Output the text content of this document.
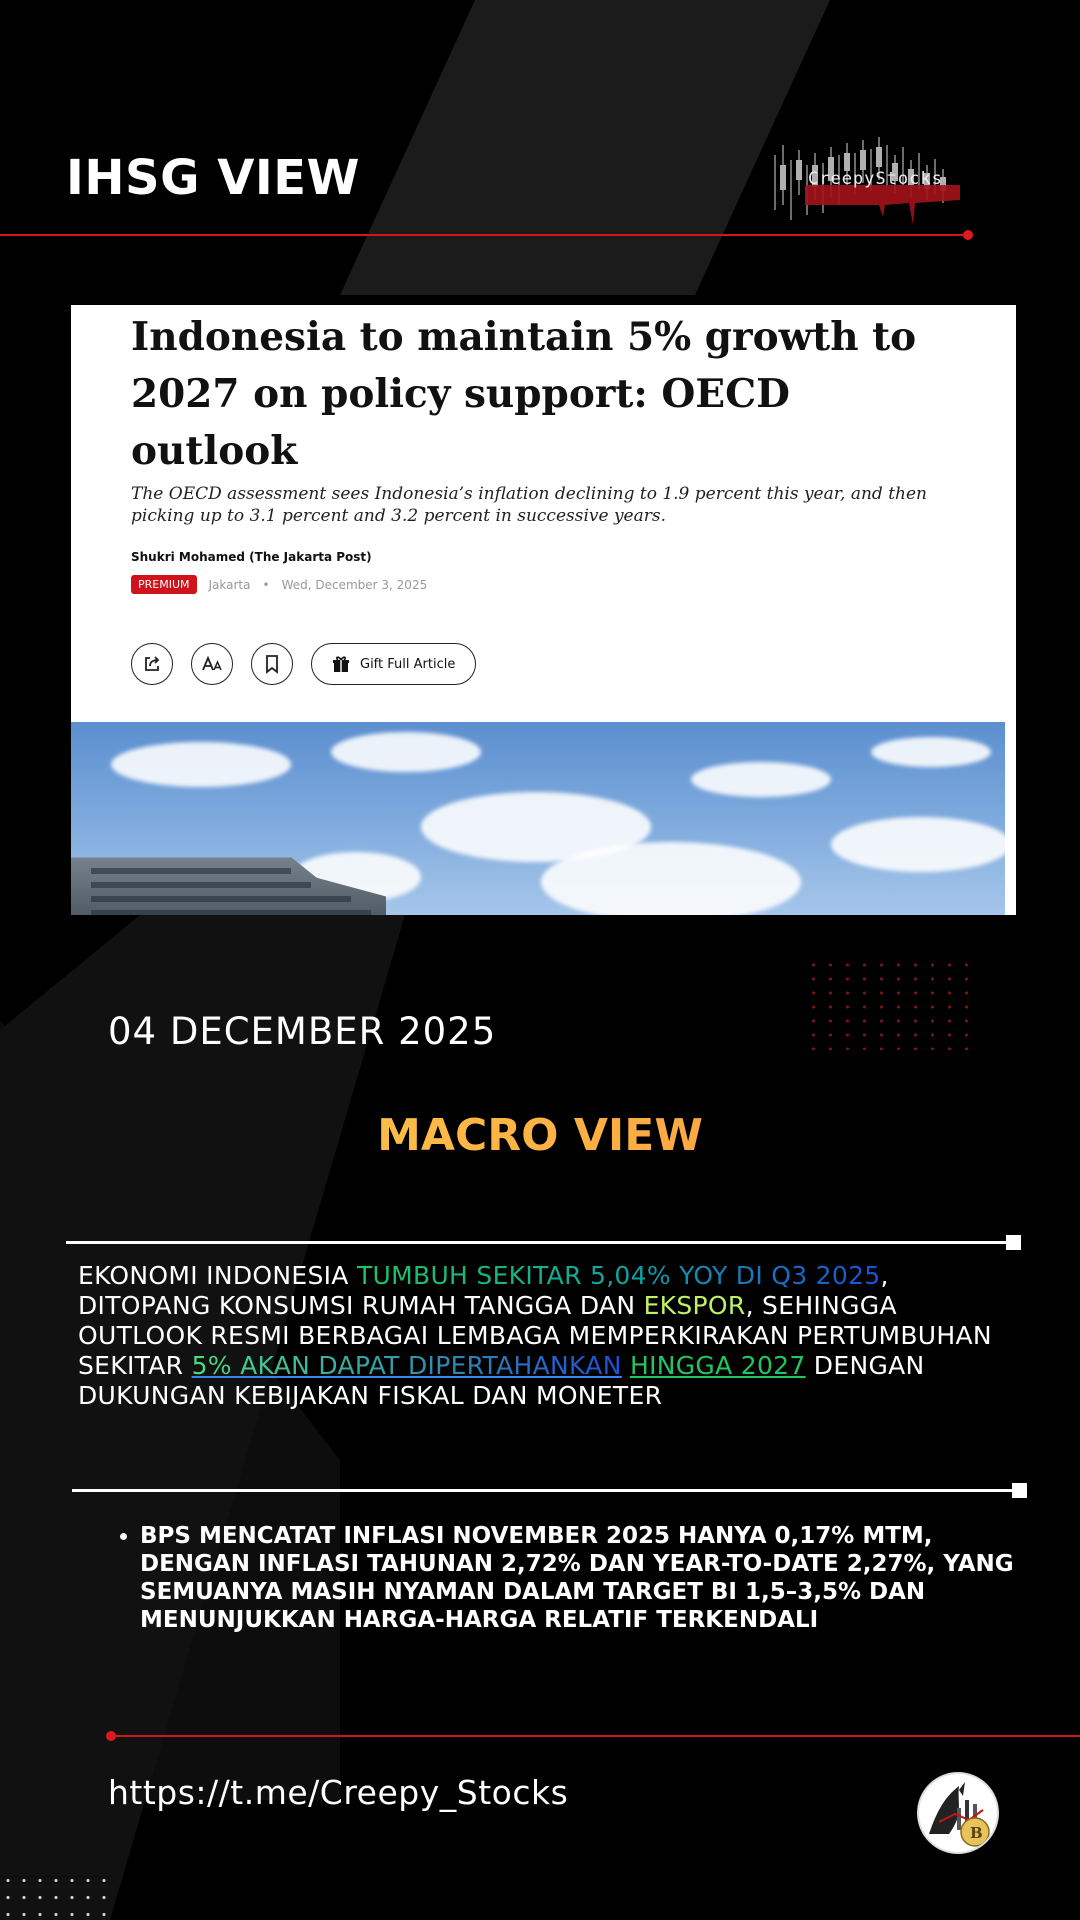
IHSG VIEW	CreepyStocks
Indonesia to maintain 5% growth to 2027 on policy support: OECD outlook

The OECD assessment sees Indonesia’s inflation declining to 1.9 percent this year, and then picking up to 3.1 percent and 3.2 percent in successive years.

Shukri Mohamed (The Jakarta Post)
PREMIUM	Jakarta • Wed, December 3, 2025
Gift Full Article
04 DECEMBER 2025
MACRO VIEW

EKONOMI INDONESIA TUMBUH SEKITAR 5,04% YOY DI Q3 2025, DITOPANG KONSUMSI RUMAH TANGGA DAN EKSPOR, SEHINGGA OUTLOOK RESMI BERBAGAI LEMBAGA MEMPERKIRAKAN PERTUMBUHAN SEKITAR 5% AKAN DAPAT DIPERTAHANKAN HINGGA 2027 DENGAN DUKUNGAN KEBIJAKAN FISKAL DAN MONETER

• BPS MENCATAT INFLASI NOVEMBER 2025 HANYA 0,17% MTM, DENGAN INFLASI TAHUNAN 2,72% DAN YEAR-TO-DATE 2,27%, YANG SEMUANYA MASIH NYAMAN DALAM TARGET BI 1,5–3,5% DAN MENUNJUKKAN HARGA-HARGA RELATIF TERKENDALI
https://t.me/Creepy_Stocks
B
